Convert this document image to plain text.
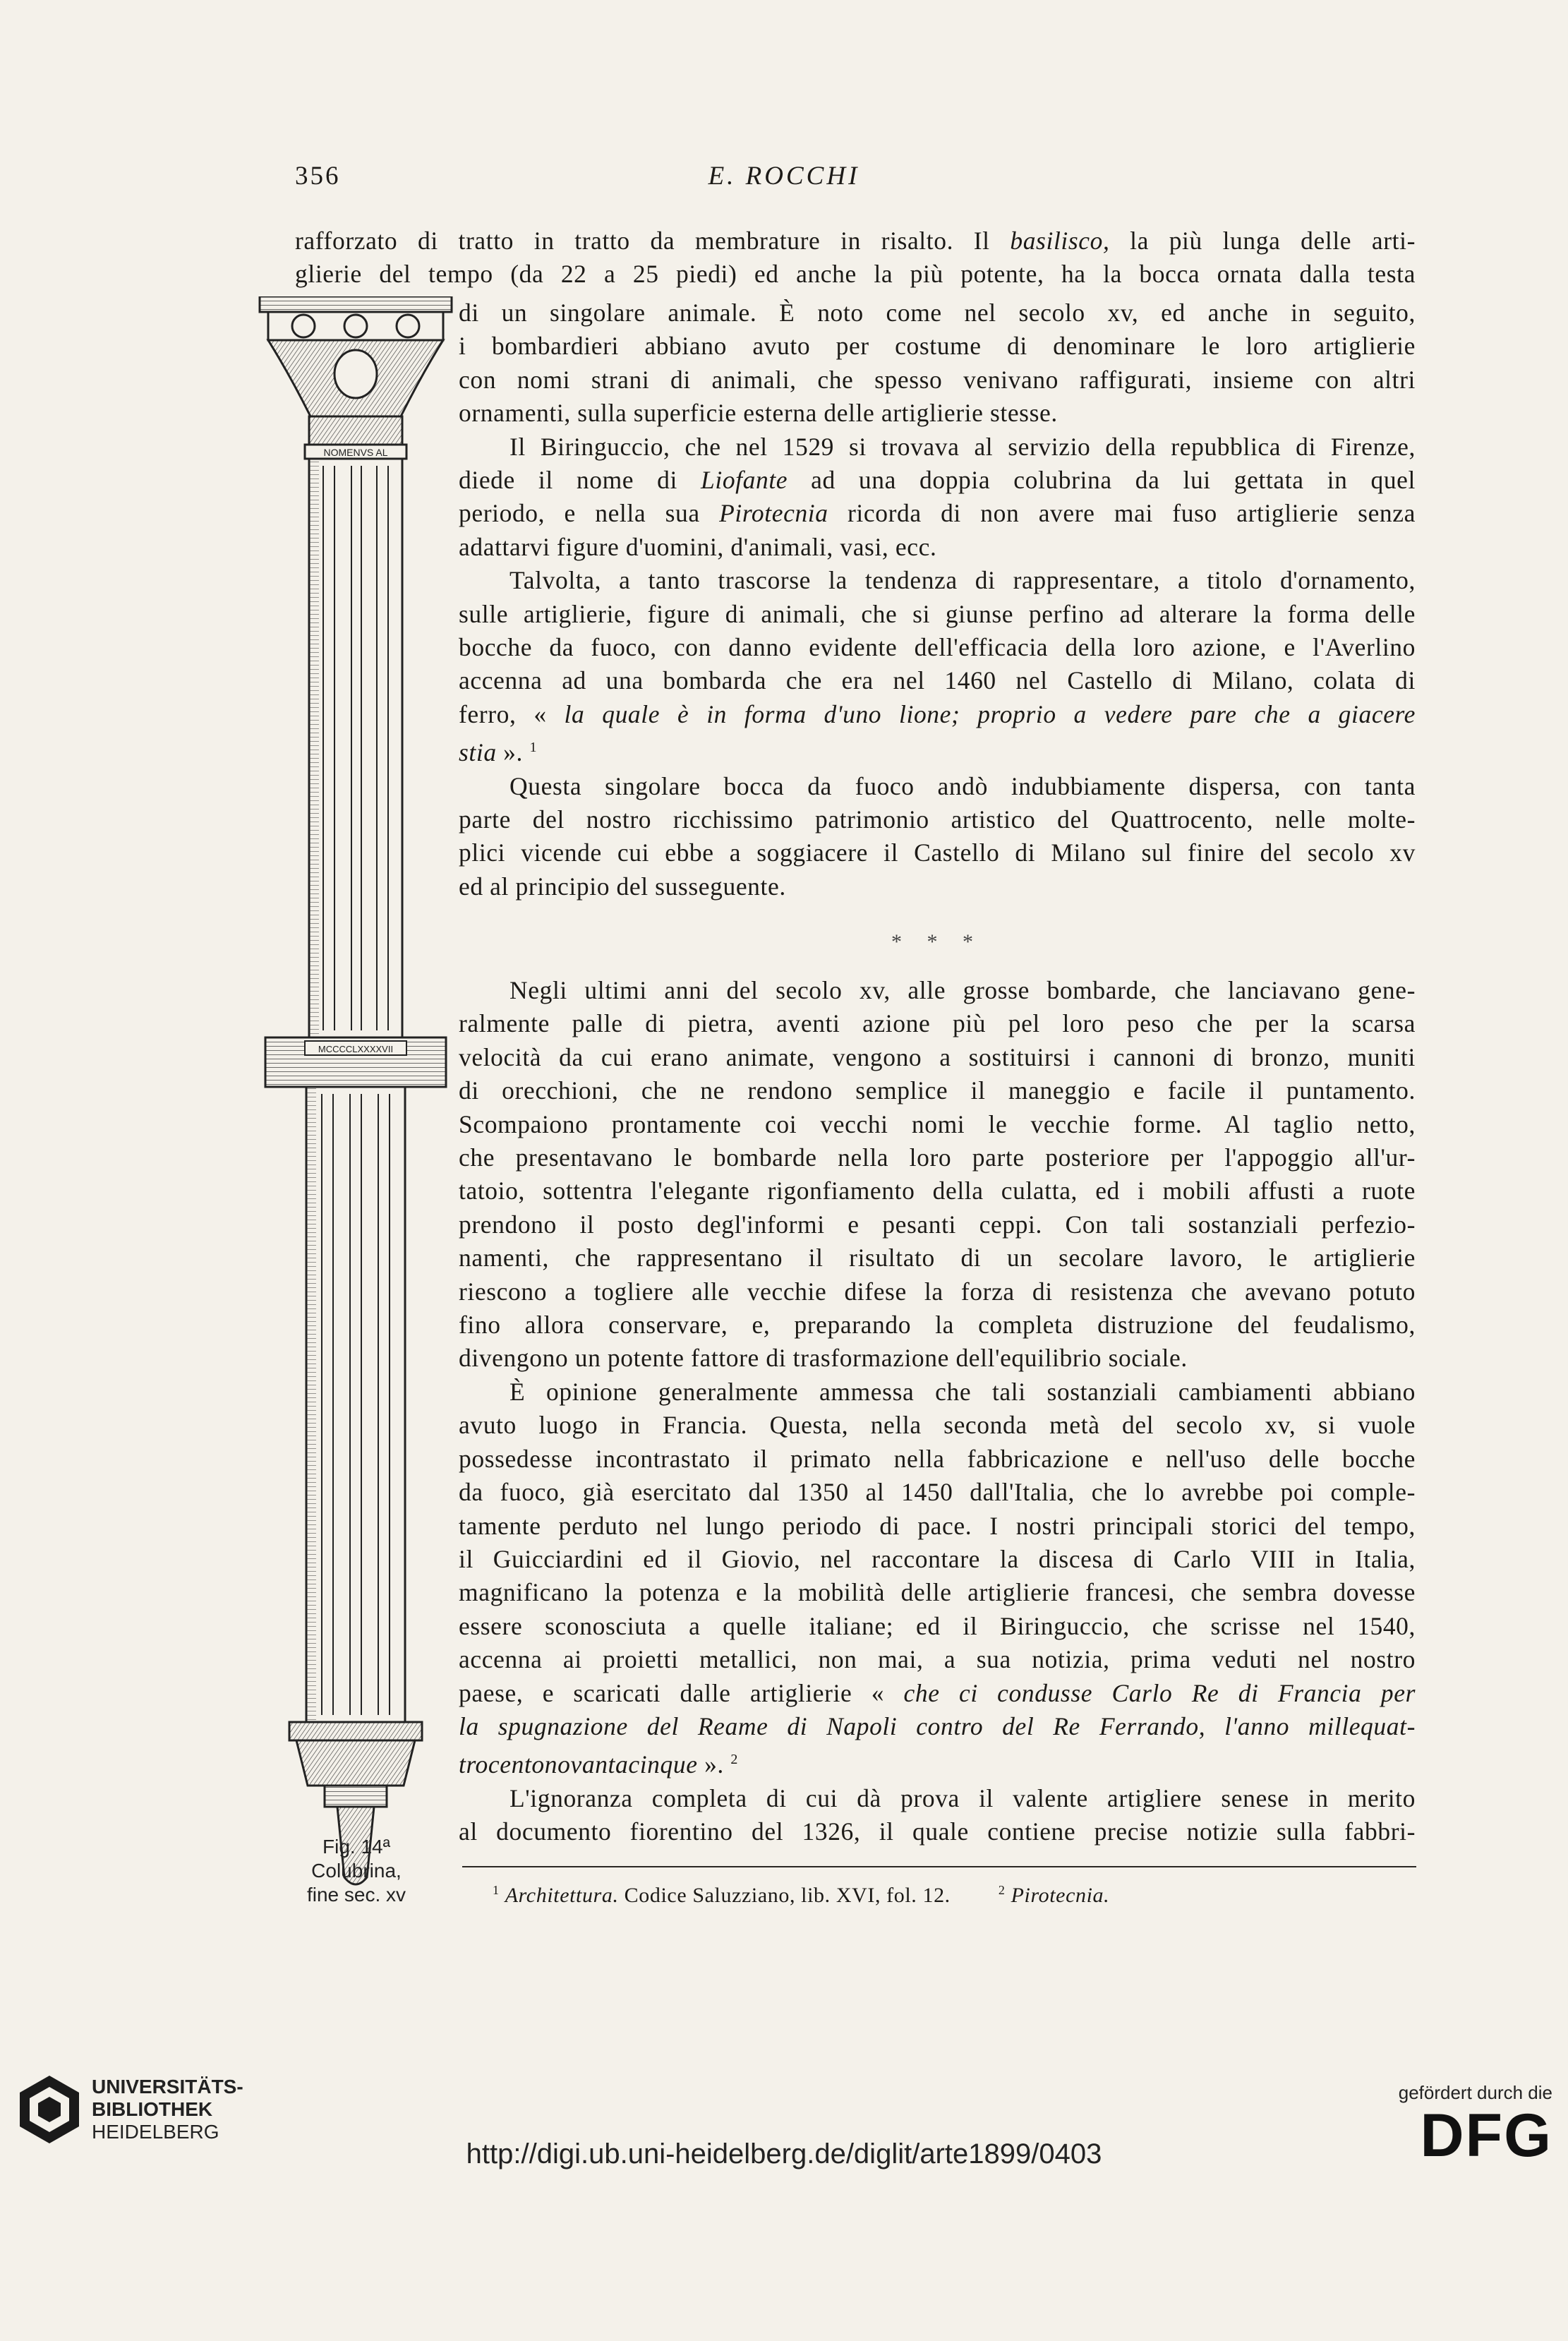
356	E. ROCCHI
rafforzato di tratto in tratto da membrature in risalto. Il basilisco, la più lunga delle arti-
glierie del tempo (da 22 a 25 piedi) ed anche la più potente, ha la bocca ornata dalla testa
di un singolare animale. È noto come nel secolo xv, ed anche in seguito,
i bombardieri abbiano avuto per costume di denominare le loro artiglierie
con nomi strani di animali, che spesso venivano raffigurati, insieme con altri
ornamenti, sulla superficie esterna delle artiglierie stesse.
Il Biringuccio, che nel 1529 si trovava al servizio della repubblica di Firenze,
diede il nome di Liofante ad una doppia colubrina da lui gettata in quel
periodo, e nella sua Pirotecnia ricorda di non avere mai fuso artiglierie senza
adattarvi figure d'uomini, d'animali, vasi, ecc.
Talvolta, a tanto trascorse la tendenza di rappresentare, a titolo d'ornamento,
sulle artiglierie, figure di animali, che si giunse perfino ad alterare la forma delle
bocche da fuoco, con danno evidente dell'efficacia della loro azione, e l'Averlino
accenna ad una bombarda che era nel 1460 nel Castello di Milano, colata di
ferro, « la quale è in forma d'uno lione; proprio a vedere pare che a giacere
stia ». $^1$
Questa singolare bocca da fuoco andò indubbiamente dispersa, con tanta
parte del nostro ricchissimo patrimonio artistico del Quattrocento, nelle molte-
plici vicende cui ebbe a soggiacere il Castello di Milano sul finire del secolo xv
ed al principio del susseguente.
* * *
Negli ultimi anni del secolo xv, alle grosse bombarde, che lanciavano gene-
ralmente palle di pietra, aventi azione più pel loro peso che per la scarsa
velocità da cui erano animate, vengono a sostituirsi i cannoni di bronzo, muniti
di orecchioni, che ne rendono semplice il maneggio e facile il puntamento.
Scompaiono prontamente coi vecchi nomi le vecchie forme. Al taglio netto,
che presentavano le bombarde nella loro parte posteriore per l'appoggio all'ur-
tatoio, sottentra l'elegante rigonfiamento della culatta, ed i mobili affusti a ruote
prendono il posto degl'informi e pesanti ceppi. Con tali sostanziali perfezio-
namenti, che rappresentano il risultato di un secolare lavoro, le artiglierie
riescono a togliere alle vecchie difese la forza di resistenza che avevano potuto
fino allora conservare, e, preparando la completa distruzione del feudalismo,
divengono un potente fattore di trasformazione dell'equilibrio sociale.
È opinione generalmente ammessa che tali sostanziali cambiamenti abbiano
avuto luogo in Francia. Questa, nella seconda metà del secolo xv, si vuole
possedesse incontrastato il primato nella fabbricazione e nell'uso delle bocche
da fuoco, già esercitato dal 1350 al 1450 dall'Italia, che lo avrebbe poi comple-
tamente perduto nel lungo periodo di pace. I nostri principali storici del tempo,
il Guicciardini ed il Giovio, nel raccontare la discesa di Carlo VIII in Italia,
magnificano la potenza e la mobilità delle artiglierie francesi, che sembra dovesse
essere sconosciuta a quelle italiane; ed il Biringuccio, che scrisse nel 1540,
accenna ai proietti metallici, non mai, a sua notizia, prima veduti nel nostro
paese, e scaricati dalle artiglierie « che ci condusse Carlo Re di Francia per
la spugnazione del Reame di Napoli contro del Re Ferrando, l'anno millequat-
trocentonovantacinque ». $^2$
L'ignoranza completa di cui dà prova il valente artigliere senese in merito
al documento fiorentino del 1326, il quale contiene precise notizie sulla fabbri-
NOMENVS AL
MCCCCLXXXXVII
Fig. 14ª
Colubrina,
fine sec. xv	$^1$ Architettura. Codice Saluzziano, lib. XVI, fol. 12.	$^2$ Pirotecnia.
UNIVERSITÄTS-
BIBLIOTHEK
HEIDELBERG
http://digi.ub.uni-heidelberg.de/diglit/arte1899/0403
gefördert durch die
DFG
